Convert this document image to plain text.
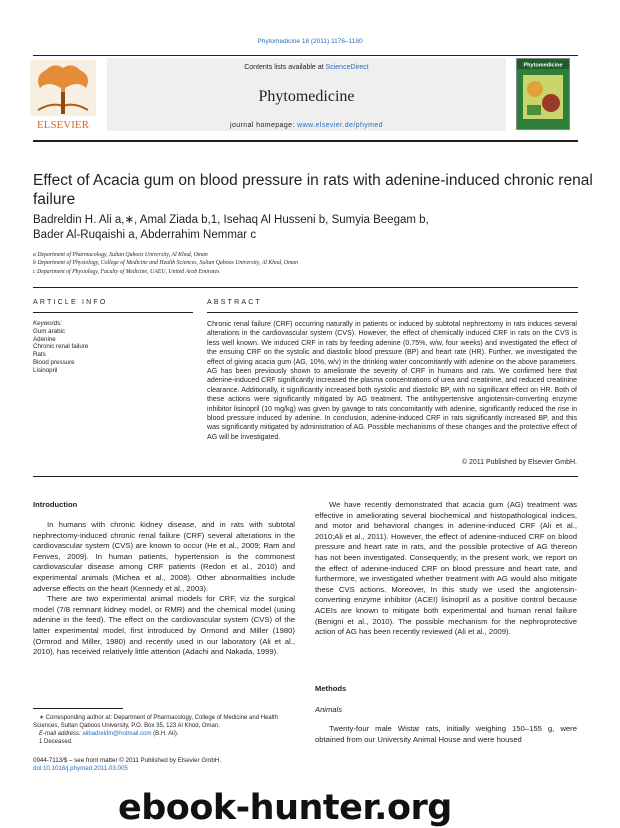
Phytomedicine 18 (2011) 1176–1180
ELSEVIER
Contents lists available at ScienceDirect
Phytomedicine
journal homepage: www.elsevier.de/phymed
Phytomedicine
Effect of Acacia gum on blood pressure in rats with adenine-induced chronic renal failure
Badreldin H. Ali a,∗, Amal Ziada b,1, Isehaq Al Husseni b, Sumyia Beegam b,
Bader Al-Ruqaishi a, Abderrahim Nemmar c
a Department of Pharmacology, Sultan Qaboos University, Al Khod, Oman
b Department of Physiology, College of Medicine and Health Sciences, Sultan Qaboos University, Al Khod, Oman
c Department of Physiology, Faculty of Medicine, UAEU, United Arab Emirates
ARTICLE INFO
Keywords:
Gum arabic
Adenine
Chronic renal failure
Rats
Blood pressure
Lisinopril
ABSTRACT
Chronic renal failure (CRF) occurring naturally in patients or induced by subtotal nephrectomy in rats induces several alterations in the cardiovascular system (CVS). However, the effect of chemically induced CRF in rats on the CVS is less well known. We induced CRF in rats by feeding adenine (0.75%, w/w, four weeks) and investigated the effect of the ensuing CRF on the systolic and diastolic blood pressure (BP) and heart rate (HR). Further, we investigated the effect of giving acacia gum (AG, 10%, w/v) in the drinking water concomitantly with adenine on the above parameters. AG has been previously shown to ameliorate the severity of CRF in humans and rats. We confirmed here that adenine-induced CRF significantly increased the plasma concentrations of urea and creatinine, and reduced creatinine clearance. Additionally, it significantly increased both systolic and diastolic BP, with no significant effect on HR. Both of these actions were significantly mitigated by AG treatment. The antihypertensive angiotensin-converting enzyme inhibitor lisinopril (10 mg/kg) was given by gavage to rats concomitantly with adenine, significantly reduced the rise in blood pressure induced by adenine. In conclusion, adenine-induced CRF in rats significantly increased BP, and this was significantly mitigated by administration of AG. Possible mechanisms of these changes and the protective effect of AG will be investigated.
© 2011 Published by Elsevier GmbH.
Introduction

In humans with chronic kidney disease, and in rats with subtotal nephrectomy-induced chronic renal failure (CRF) several alterations in the cardiovascular system (CVS) are known to occur (He et al., 2009; Ram and Fenves, 2009). In human patients, hypertension is the commonest cardiovascular disease among CRF patients (Redon et al., 2010) and experimental animals (Michea et al., 2008). Other abnormalities include adverse effects on the heart (Kennedy et al., 2003).

There are two experimental animal models for CRF, viz the surgical model (7/8 remnant kidney model, or RMR) and the chemical model (using adenine in the feed). The effect on the cardiovascular system (CVS) of the latter experimental model, first introduced by Ormond and Miller (1980) (Ormrod and Miller, 1980) and recently used in our laboratory (Ali et al., 2010), has received relatively little attention (Adachi and Nakada, 1999).

We have recently demonstrated that acacia gum (AG) treatment was effective in ameliorating several biochemical and histopathological indices, and motor and behavioral changes in adenine-induced CRF (Ali et al., 2010;Ali et al., 2011). However, the effect of adenine-induced CRF on blood pressure and heart rate in rats, and the possible protective of AG thereon has not been investigated. Consequently, in the present work, we report on the effect of adenine-induced CRF on blood pressure and heart rate, and furthermore, we investigated whether treatment with AG would also mitigate these CVS actions. Moreover, In this study we used the angiotensin-converting enzyme inhibitor (ACEI) lisinopril as a positive control because ACEIs are known to mitigate both experimental and human renal failure (Benigni et al., 2010). The possible mechanism for the nephroprotective action of AG has been recently reviewed (Ali et al., 2009).

Methods
Animals

Twenty-four male Wistar rats, initially weighing 150–155 g, were obtained from our University Animal House and were housed

∗ Corresponding author at: Department of Pharmacology, College of Medicine and Health Sciences, Sultan Qaboos University, P.O. Box 35, 123 Al Khod, Oman.
E-mail address: alibadreldin@hotmail.com (B.H. Ali).
1 Deceased.
0944-7113/$ – see front matter © 2011 Published by Elsevier GmbH.
doi:10.1016/j.phymed.2011.03.005
ebook-hunter.org
